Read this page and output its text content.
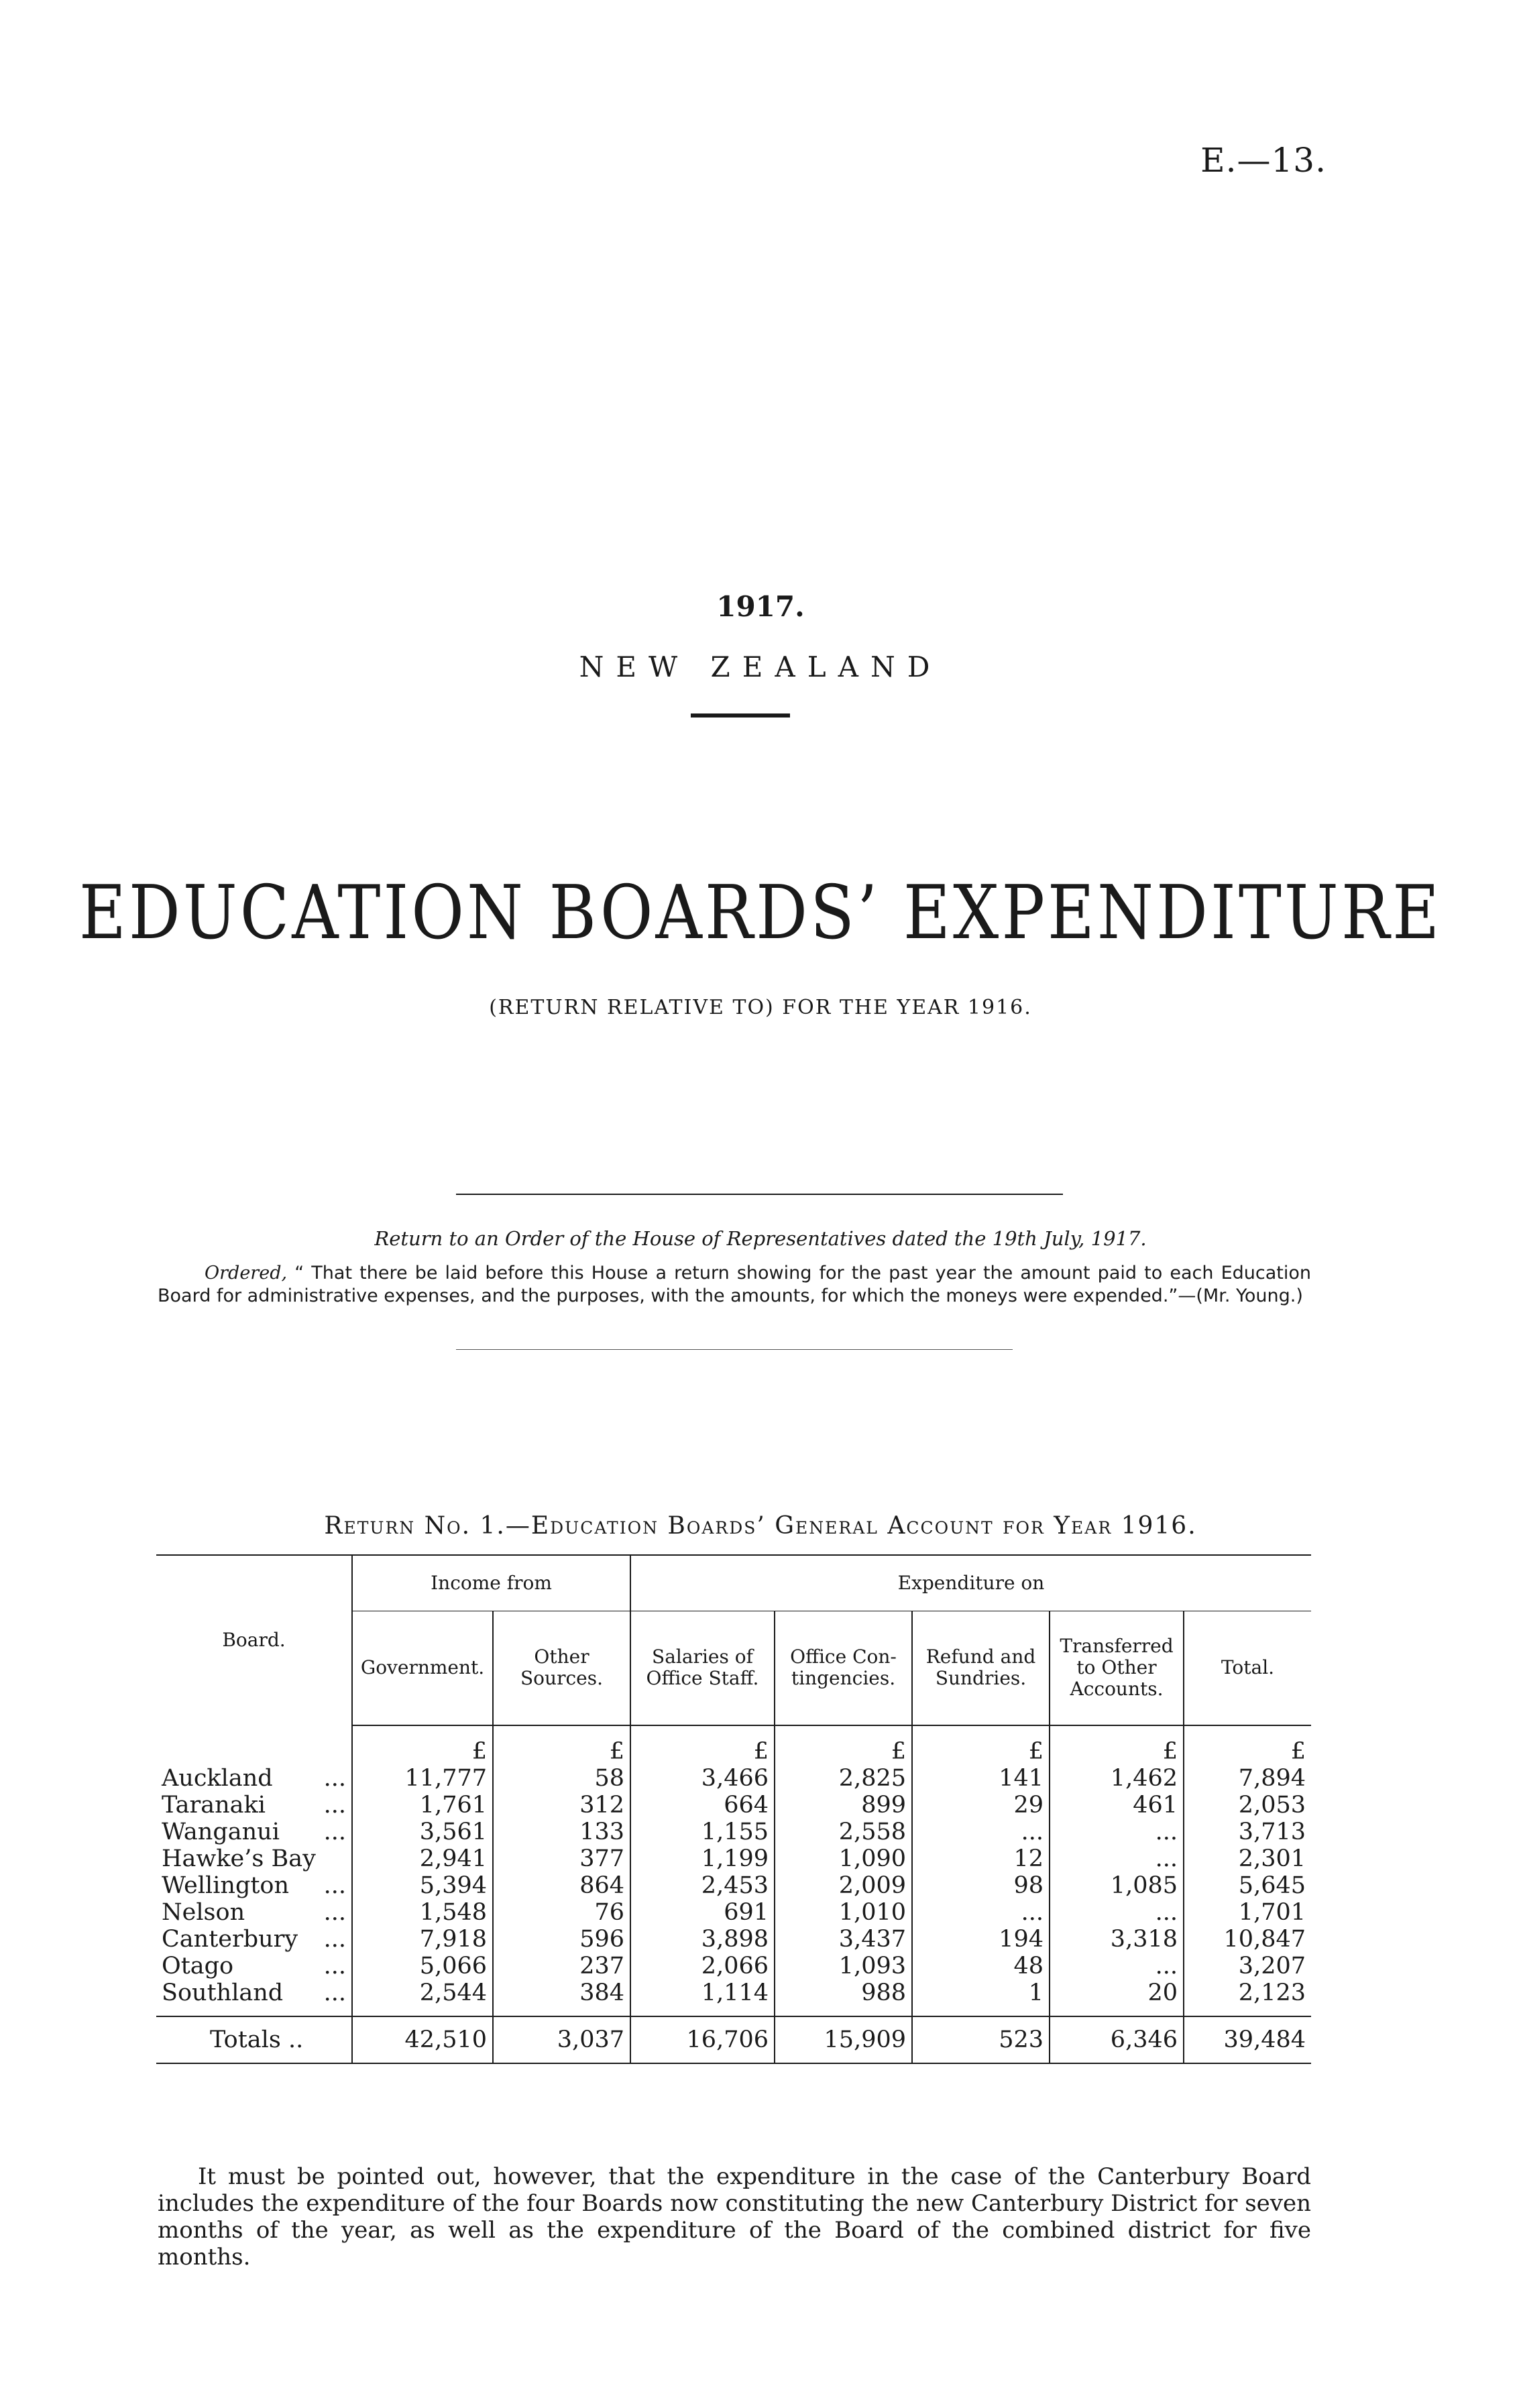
E.—13.
1917.
NEW ZEALAND
EDUCATION BOARDS’ EXPENDITURE
(RETURN RELATIVE TO) FOR THE YEAR 1916.
Return to an Order of the House of Representatives dated the 19th July, 1917.
Ordered, “ That there be laid before this House a return showing for the past year the amount paid to each Education Board for administrative expenses, and the purposes, with the amounts, for which the moneys were expended.”—(Mr. Young.)
Return No. 1.—Education Boards’ General Account for Year 1916.
Board.	Income from		Expenditure on				
	Government.	Other Sources.	Salaries of Office Staff.	Office Con- tingencies.	Refund and Sundries.	Transferred to Other Accounts.	Total.
	£	£	£	£	£	£	£
Auckland ...	11,777	58	3,466	2,825	141	1,462	7,894
Taranaki ...	1,761	312	664	899	29	461	2,053
Wanganui ...	3,561	133	1,155	2,558	...	...	3,713
Hawke’s Bay	2,941	377	1,199	1,090	12	...	2,301
Wellington ...	5,394	864	2,453	2,009	98	1,085	5,645
Nelson ...	1,548	76	691	1,010	...	...	1,701
Canterbury ...	7,918	596	3,898	3,437	194	3,318	10,847
Otago ...	5,066	237	2,066	1,093	48	...	3,207
Southland ...	2,544	384	1,114	988	1	20	2,123

Totals ..	42,510	3,037	16,706	15,909	523	6,346	39,484
It must be pointed out, however, that the expenditure in the case of the Canterbury Board includes the expenditure of the four Boards now constituting the new Canterbury District for seven months of the year, as well as the expenditure of the Board of the combined district for five months.
